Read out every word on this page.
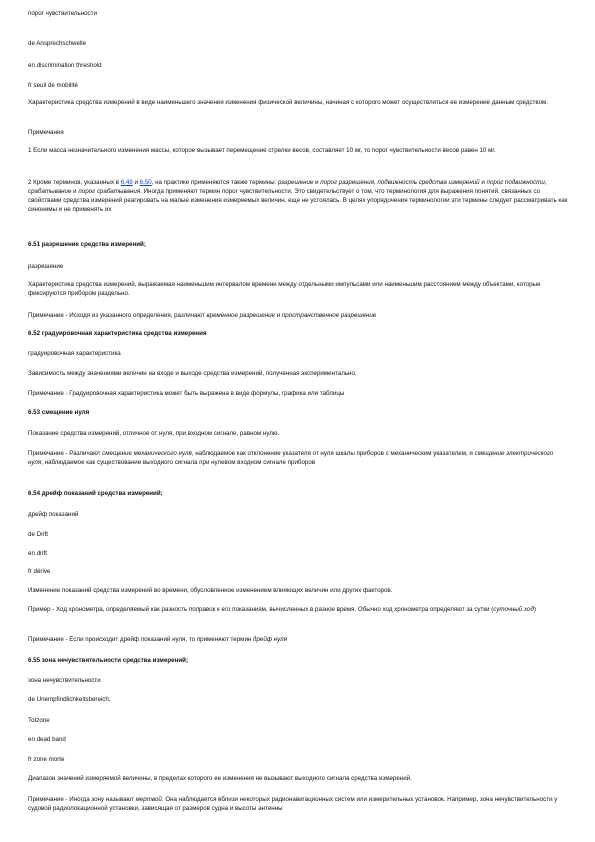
порог чувствительности
de Ansprechschwelle
en discrimination threshold
fr seuil de mobilité
Характеристика средства измерений в виде наименьшего значения изменения физической величины, начиная с которого может осуществляться ее измерение данным средством.
Примечания
1 Если масса незначительного изменения массы, которое вызывает перемещение стрелки весов, составляет 10 мг, то порог чувствительности весов равен 10 мг.
2 Кроме терминов, указанных в 6.49 и 6.50, на практике применяются также термины: разрешение и порог разрешения, подвижность средства измерений и порог подвижности, срабатывание и порог срабатывания. Иногда применяют термин порог чувствительности. Это свидетельствует о том, что терминология для выражения понятий, связанных со свойствами средства измерений реагировать на малые изменения измеряемых величин, еще не устоялась. В целях упорядочения терминологии эти термины следует рассматривать как синонимы и не применять их
6.51 разрешение средства измерений;
разрешение
Характеристика средства измерений, выражаемая наименьшим интервалом времени между отдельными импульсами или наименьшим расстоянием между объектами, которые фиксируются прибором раздельно.
Примечание - Исходя из указанного определения, различают временное разрешение и пространственное разрешение
6.52 градуировочная характеристика средства измерения
градуировочная характеристика
Зависимость между значениями величин на входе и выходе средства измерений, полученная экспериментально.
Примечание - Градуировочная характеристика может быть выражена в виде формулы, графика или таблицы
6.53 смещение нуля
Показание средства измерений, отличное от нуля, при входном сигнале, равном нулю.
Примечание - Различают смещение механического нуля, наблюдаемое как отклонение указателя от нуля шкалы приборов с механическим указателем, и смещение электрического нуля, наблюдаемое как существование выходного сигнала при нулевом входном сигнале приборов
6.54 дрейф показаний средства измерений;
дрейф показаний
de Drift
en drift
fr dérive
Изменение показаний средства измерений во времени, обусловленное изменением влияющих величин или других факторов.
Пример - Ход хронометра, определяемый как разность поправок к его показаниям, вычисленных в разное время. Обычно ход хронометра определяют за сутки (суточный ход)
Примечание - Если происходит дрейф показаний нуля, то применяют термин дрейф нуля
6.55 зона нечувствительности средства измерений;
зона нечувствительности
de Unempfindlichkeitsbereich;
Totzone
en dead band
fr zone morte
Диапазон значений измеряемой величины, в пределах которого ее изменения не вызывают выходного сигнала средства измерений.
Примечание - Иногда зону называют мертвой. Она наблюдается вблизи некоторых радионавигационных систем или измерительных установок. Например, зона нечувствительности у судовой радиолокационной установки, зависящая от размеров судна и высоты антенны
